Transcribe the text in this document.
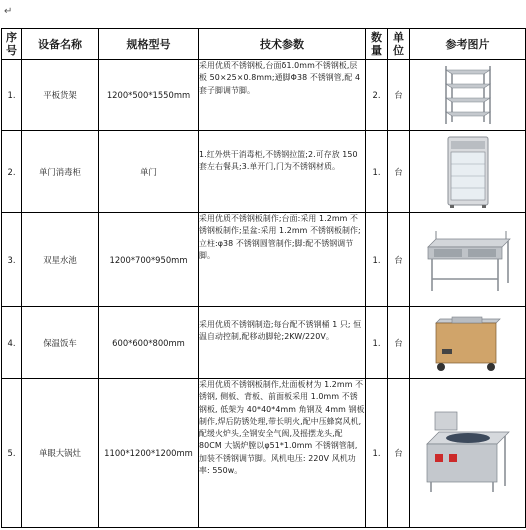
↵
序号	设备名称	规格型号	技术参数	数量	单位	参考图片
1.	平板货架	1200*500*1550mm	采用优质不锈钢板,台面δ1.0mm不锈钢板,层板 50×25×0.8mm;通脚Φ38 不锈钢管,配 4 套子脚调节脚。	2.	台	

2.	单门消毒柜	单门	1.红外烘干消毒柜,不锈钢拉篮;2.可存放 150 套左右餐具;3.单开门,门为不锈钢材质。	1.	台	

3.	双星水池	1200*700*950mm	采用优质不锈钢板制作;台面:采用 1.2mm 不锈钢板制作;星盆:采用 1.2mm 不锈钢板制作;立柱:φ38 不锈钢圆管制作;脚:配不锈钢调节脚。	1.	台	

4.	保温饭车	600*600*800mm	采用优质不锈钢制造;每台配不锈钢桶 1 只; 恒温自动控制,配移动脚轮;2KW/220V。	1.	台	

5.	单眼大锅灶	1100*1200*1200mm	采用优质不锈钢板制作,灶面板材为 1.2mm 不锈钢, 侧板、背板、前面板采用 1.0mm 不锈钢板, 低架为 40*40*4mm 角钢及 4mm 钢板制作,焊后防锈处理,带长明火,配中压蜂窝风机,配缓火炉头,全钢安全气阀,及摇摆龙头,配80CM 大锅炉膛以φ51*1.0mm 不锈钢管制,加装不锈钢调节脚。风机电压: 220V 风机功率: 550w。	1.	台	
